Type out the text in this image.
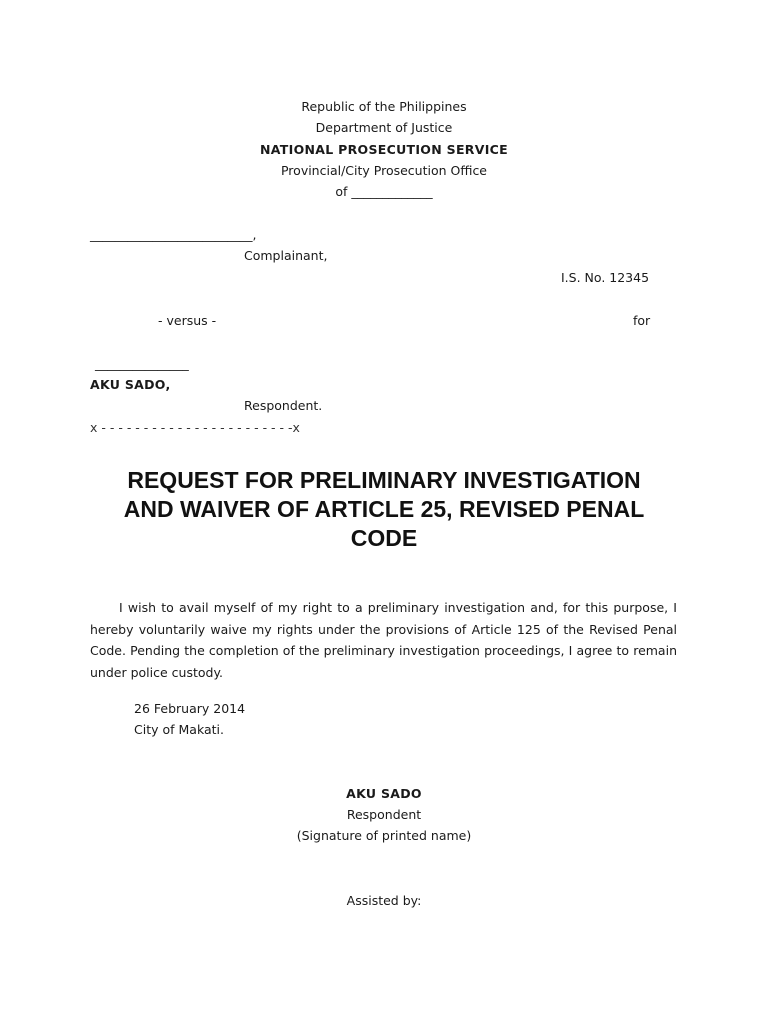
Republic of the Philippines
Department of Justice
NATIONAL PROSECUTION SERVICE
Provincial/City Prosecution Office
of _____________
__________________________,
Complainant,
I.S. No. 12345
- versus -	for
_______________
AKU SADO,
Respondent.
x - - - - - - - - - - - - - - - - - - - - - - -x
REQUEST FOR PRELIMINARY INVESTIGATION
AND WAIVER OF ARTICLE 25, REVISED PENAL
CODE

I wish to avail myself of my right to a preliminary investigation and, for this purpose, I hereby voluntarily waive my rights under the provisions of Article 125 of the Revised Penal Code. Pending the completion of the preliminary investigation proceedings, I agree to remain under police custody.

26 February 2014
City of Makati.
AKU SADO
Respondent
(Signature of printed name)
Assisted by:
